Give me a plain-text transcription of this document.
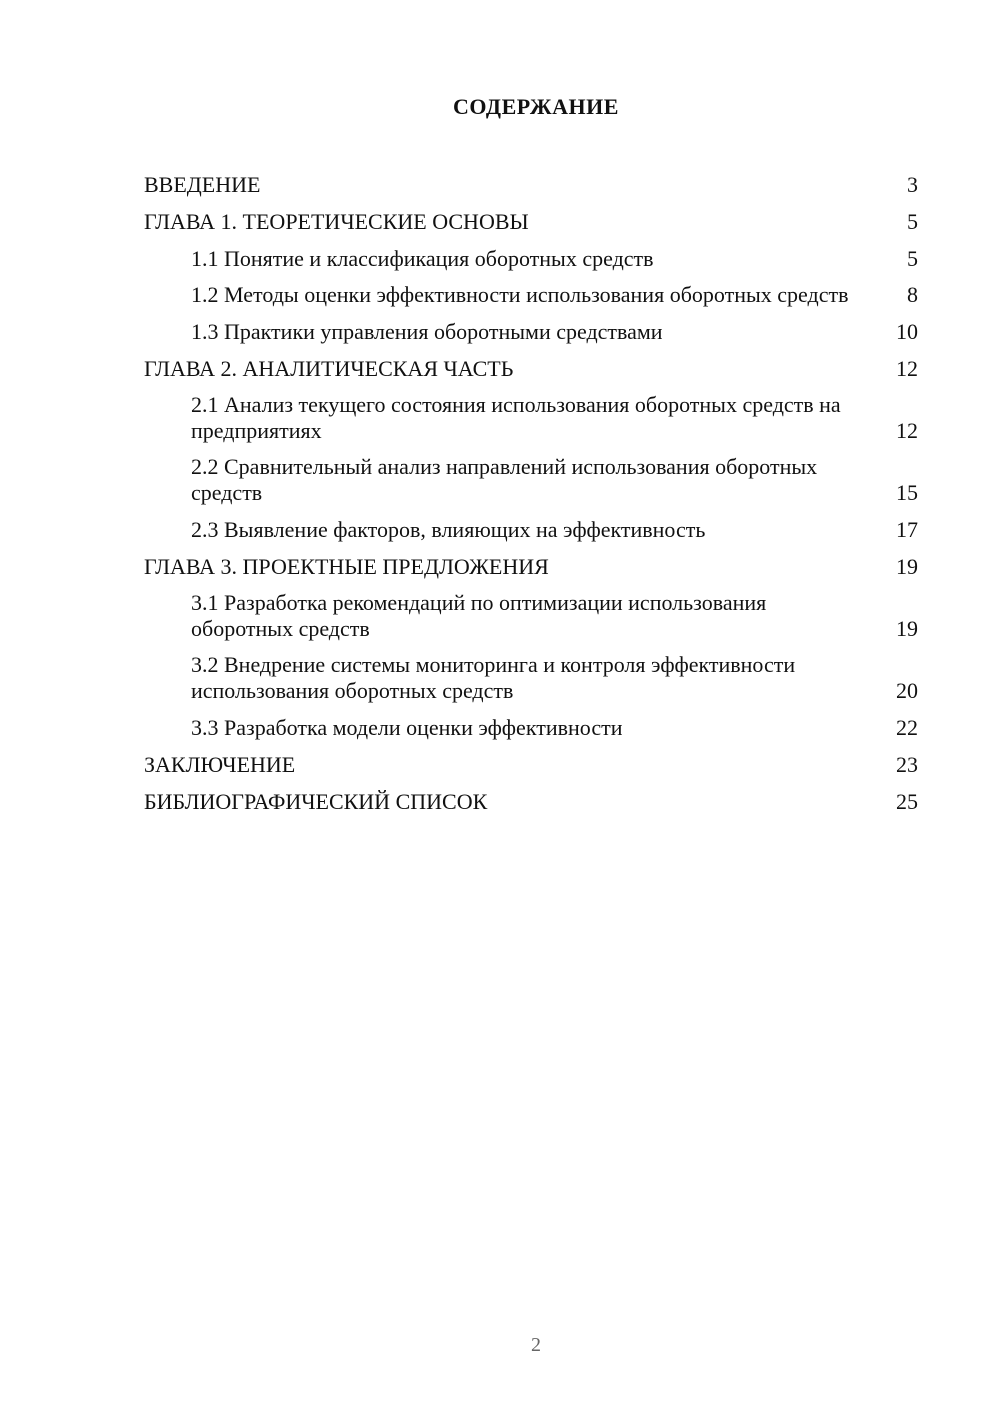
СОДЕРЖАНИЕ
ВВЕДЕНИЕ	3
ГЛАВА 1. ТЕОРЕТИЧЕСКИЕ ОСНОВЫ	5
1.1 Понятие и классификация оборотных средств	5
1.2 Методы оценки эффективности использования оборотных средств	8
1.3 Практики управления оборотными средствами	10
ГЛАВА 2. АНАЛИТИЧЕСКАЯ ЧАСТЬ	12
2.1 Анализ текущего состояния использования оборотных средств на предприятиях	12
2.2 Сравнительный анализ направлений использования оборотных средств	15
2.3 Выявление факторов, влияющих на эффективность	17
ГЛАВА 3. ПРОЕКТНЫЕ ПРЕДЛОЖЕНИЯ	19
3.1 Разработка рекомендаций по оптимизации использования оборотных средств	19
3.2 Внедрение системы мониторинга и контроля эффективности использования оборотных средств	20
3.3 Разработка модели оценки эффективности	22
ЗАКЛЮЧЕНИЕ	23
БИБЛИОГРАФИЧЕСКИЙ СПИСОК	25
2
